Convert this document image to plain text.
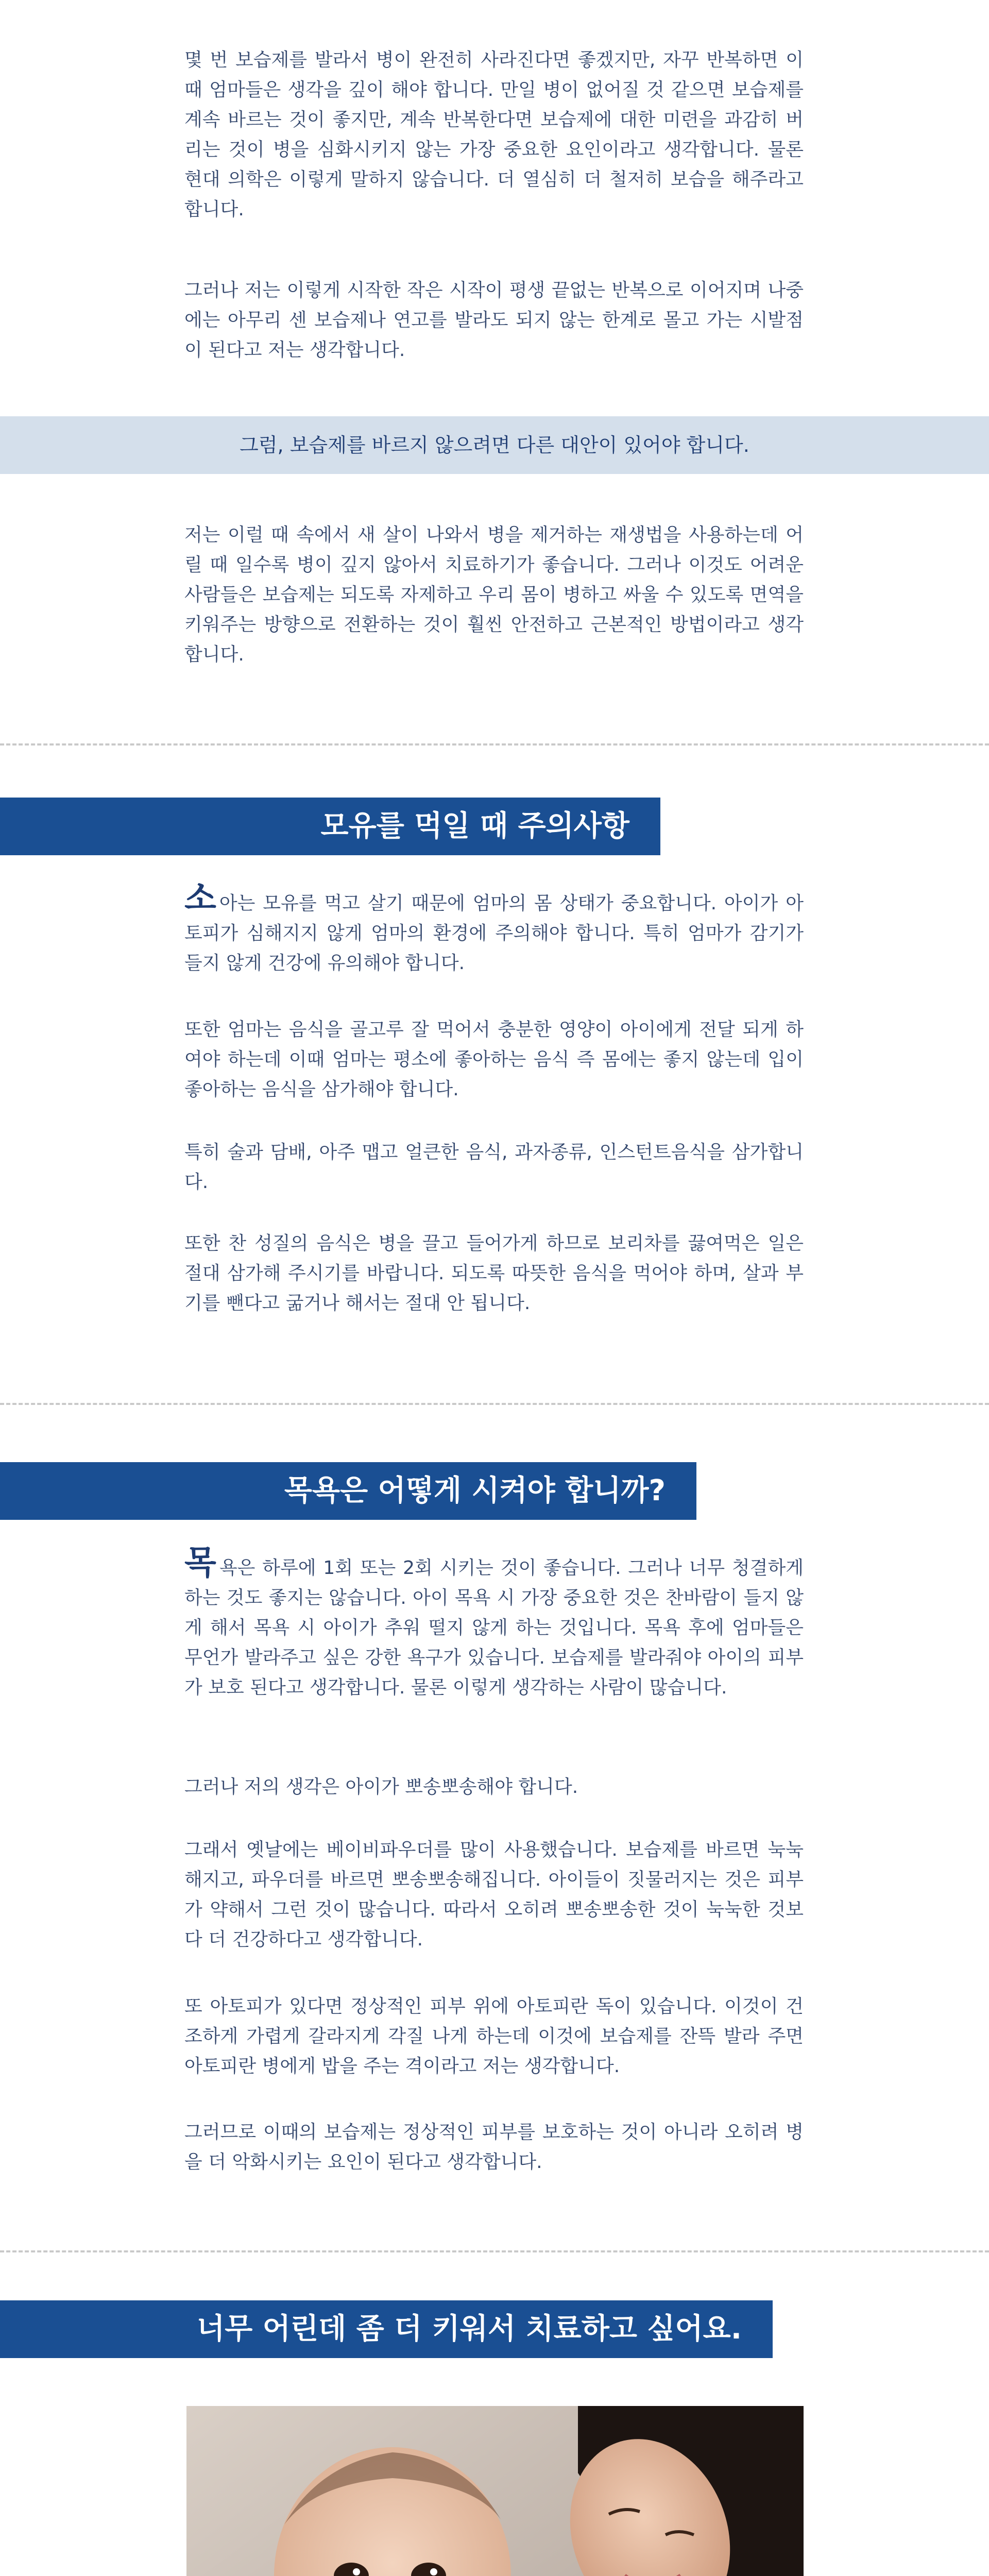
몇 번 보습제를 발라서 병이 완전히 사라진다면 좋겠지만, 자꾸 반복하면 이때 엄마들은 생각을 깊이 해야 합니다. 만일 병이 없어질 것 같으면 보습제를 계속 바르는 것이 좋지만, 계속 반복한다면 보습제에 대한 미련을 과감히 버리는 것이 병을 심화시키지 않는 가장 중요한 요인이라고 생각합니다. 물론 현대 의학은 이렇게 말하지 않습니다. 더 열심히 더 철저히 보습을 해주라고 합니다.

그러나 저는 이렇게 시작한 작은 시작이 평생 끝없는 반복으로 이어지며 나중에는 아무리 센 보습제나 연고를 발라도 되지 않는 한계로 몰고 가는 시발점이 된다고 저는 생각합니다.

그럼, 보습제를 바르지 않으려면 다른 대안이 있어야 합니다.

저는 이럴 때 속에서 새 살이 나와서 병을 제거하는 재생법을 사용하는데 어릴 때 일수록 병이 깊지 않아서 치료하기가 좋습니다. 그러나 이것도 어려운 사람들은 보습제는 되도록 자제하고 우리 몸이 병하고 싸울 수 있도록 면역을 키워주는 방향으로 전환하는 것이 훨씬 안전하고 근본적인 방법이라고 생각합니다.

모유를 먹일 때 주의사항

소아는 모유를 먹고 살기 때문에 엄마의 몸 상태가 중요합니다. 아이가 아토피가 심해지지 않게 엄마의 환경에 주의해야 합니다. 특히 엄마가 감기가 들지 않게 건강에 유의해야 합니다.

또한 엄마는 음식을 골고루 잘 먹어서 충분한 영양이 아이에게 전달 되게 하여야 하는데 이때 엄마는 평소에 좋아하는 음식 즉 몸에는 좋지 않는데 입이 좋아하는 음식을 삼가해야 합니다.

특히 술과 담배, 아주 맵고 얼큰한 음식, 과자종류, 인스턴트음식을 삼가합니다.

또한 찬 성질의 음식은 병을 끌고 들어가게 하므로 보리차를 끓여먹은 일은 절대 삼가해 주시기를 바랍니다. 되도록 따뜻한 음식을 먹어야 하며, 살과 부기를 뺀다고 굶거나 해서는 절대 안 됩니다.

목욕은 어떻게 시켜야 합니까?

목욕은 하루에 1회 또는 2회 시키는 것이 좋습니다. 그러나 너무 청결하게 하는 것도 좋지는 않습니다. 아이 목욕 시 가장 중요한 것은 찬바람이 들지 않게 해서 목욕 시 아이가 추워 떨지 않게 하는 것입니다. 목욕 후에 엄마들은 무언가 발라주고 싶은 강한 욕구가 있습니다. 보습제를 발라줘야 아이의 피부가 보호 된다고 생각합니다. 물론 이렇게 생각하는 사람이 많습니다.

그러나 저의 생각은 아이가 뽀송뽀송해야 합니다.

그래서 옛날에는 베이비파우더를 많이 사용했습니다. 보습제를 바르면 눅눅해지고, 파우더를 바르면 뽀송뽀송해집니다. 아이들이 짓물러지는 것은 피부가 약해서 그런 것이 많습니다. 따라서 오히려 뽀송뽀송한 것이 눅눅한 것보다 더 건강하다고 생각합니다.

또 아토피가 있다면 정상적인 피부 위에 아토피란 독이 있습니다. 이것이 건조하게 가렵게 갈라지게 각질 나게 하는데 이것에 보습제를 잔뜩 발라 주면 아토피란 병에게 밥을 주는 격이라고 저는 생각합니다.

그러므로 이때의 보습제는 정상적인 피부를 보호하는 것이 아니라 오히려 병을 더 악화시키는 요인이 된다고 생각합니다.

너무 어린데 좀 더 키워서 치료하고 싶어요.
